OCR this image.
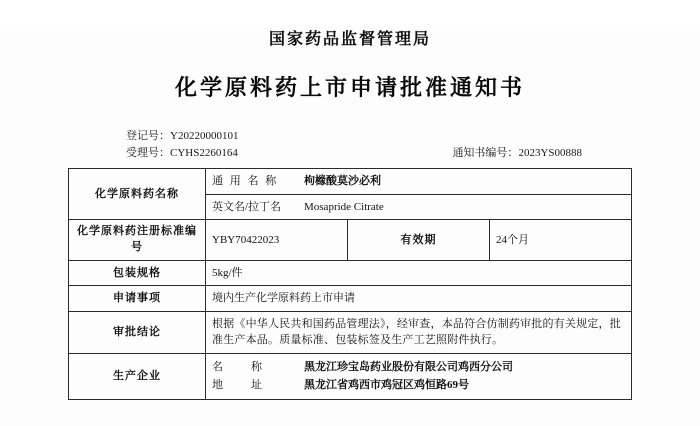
国家药品监督管理局
化学原料药上市申请批准通知书
登记号：Y20220000101
受理号：CYHS2260164	通知书编号：2023YS00888
化学原料药名称	
通 用 名 称	枸橼酸莫沙必利

英文名/拉丁名	Mosapride Citrate

化学原料药注册标准编号	YBY70422023	有效期	24个月
包装规格	5kg/件
申请事项	境内生产化学原料药上市申请
审批结论	根据《中华人民共和国药品管理法》，经审查，本品符合仿制药审批的有关规定，批准生产本品。质量标准、包装标签及生产工艺照附件执行。
生产企业	
名　　称	黑龙江珍宝岛药业股份有限公司鸡西分公司
地　　址	黑龙江省鸡西市鸡冠区鸡恒路69号
